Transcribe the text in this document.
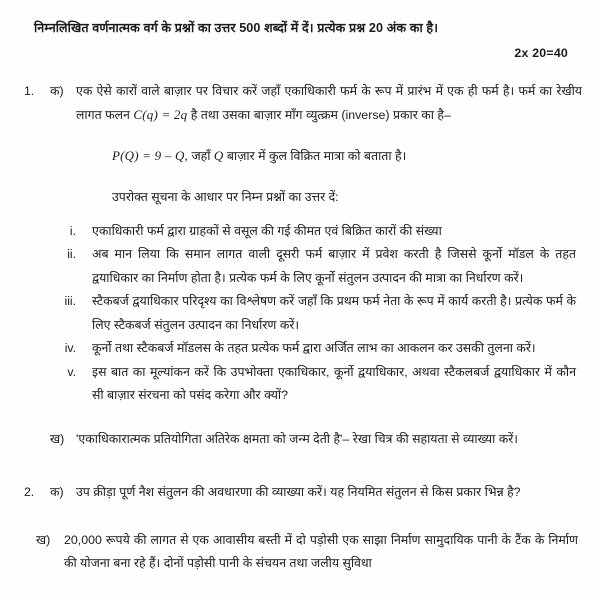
निम्नलिखित वर्णनात्मक वर्ग के प्रश्नों का उत्तर 500 शब्दों में दें। प्रत्येक प्रश्न 20 अंक का है।
2x 20=40
1. क) एक ऐसे कारों वाले बाज़ार पर विचार करें जहाँ एकाधिकारी फर्म के रूप में प्रारंभ में एक ही फर्म है। फर्म का रेखीय लागत फलन C(q) = 2q है तथा उसका बाज़ार माँग व्युत्क्रम (inverse) प्रकार का है–
P(Q) = 9 – Q, जहाँ Q बाज़ार में कुल विक्रित मात्रा को बताता है।
उपरोक्त सूचना के आधार पर निम्न प्रश्नों का उत्तर दें:
i. एकाधिकारी फर्म द्वारा ग्राहकों से वसूल की गई कीमत एवं बिक्रित कारों की संख्या
ii. अब मान लिया कि समान लागत वाली दूसरी फर्म बाज़ार में प्रवेश करती है जिससे कूर्नो मॉडल के तहत द्वयाधिकार का निर्माण होता है। प्रत्येक फर्म के लिए कूर्नो संतुलन उत्पादन की मात्रा का निर्धारण करें।
iii. स्टैकबर्ज द्वयाधिकार परिदृश्य का विश्लेषण करें जहाँ कि प्रथम फर्म नेता के रूप में कार्य करती है। प्रत्येक फर्म के लिए स्टैकबर्ज संतुलन उत्पादन का निर्धारण करें।
iv. कूर्नो तथा स्टैकबर्ज मॉडलस के तहत प्रत्येक फर्म द्वारा अर्जित लाभ का आकलन कर उसकी तुलना करें।
v. इस बात का मूल्यांकन करें कि उपभोक्ता एकाधिकार, कूर्नो द्वयाधिकार, अथवा स्टैकलबर्ज द्वयाधिकार में कौन सी बाज़ार संरचना को पसंद करेगा और क्यों?
ख) 'एकाधिकारात्मक प्रतियोगिता अतिरेक क्षमता को जन्म देती है'– रेखा चित्र की सहायता से व्याख्या करें।
2. क) उप क्रीड़ा पूर्ण नैश संतुलन की अवधारणा की व्याख्या करें। यह नियमित संतुलन से किस प्रकार भिन्न है?
ख) 20,000 रूपये की लागत से एक आवासीय बस्ती में दो पड़ोसी एक साझा निर्माण सामुदायिक पानी के टैंक के निर्माण की योजना बना रहे हैं। दोनों पड़ोसी पानी के संचयन तथा जलीय सुविधा
